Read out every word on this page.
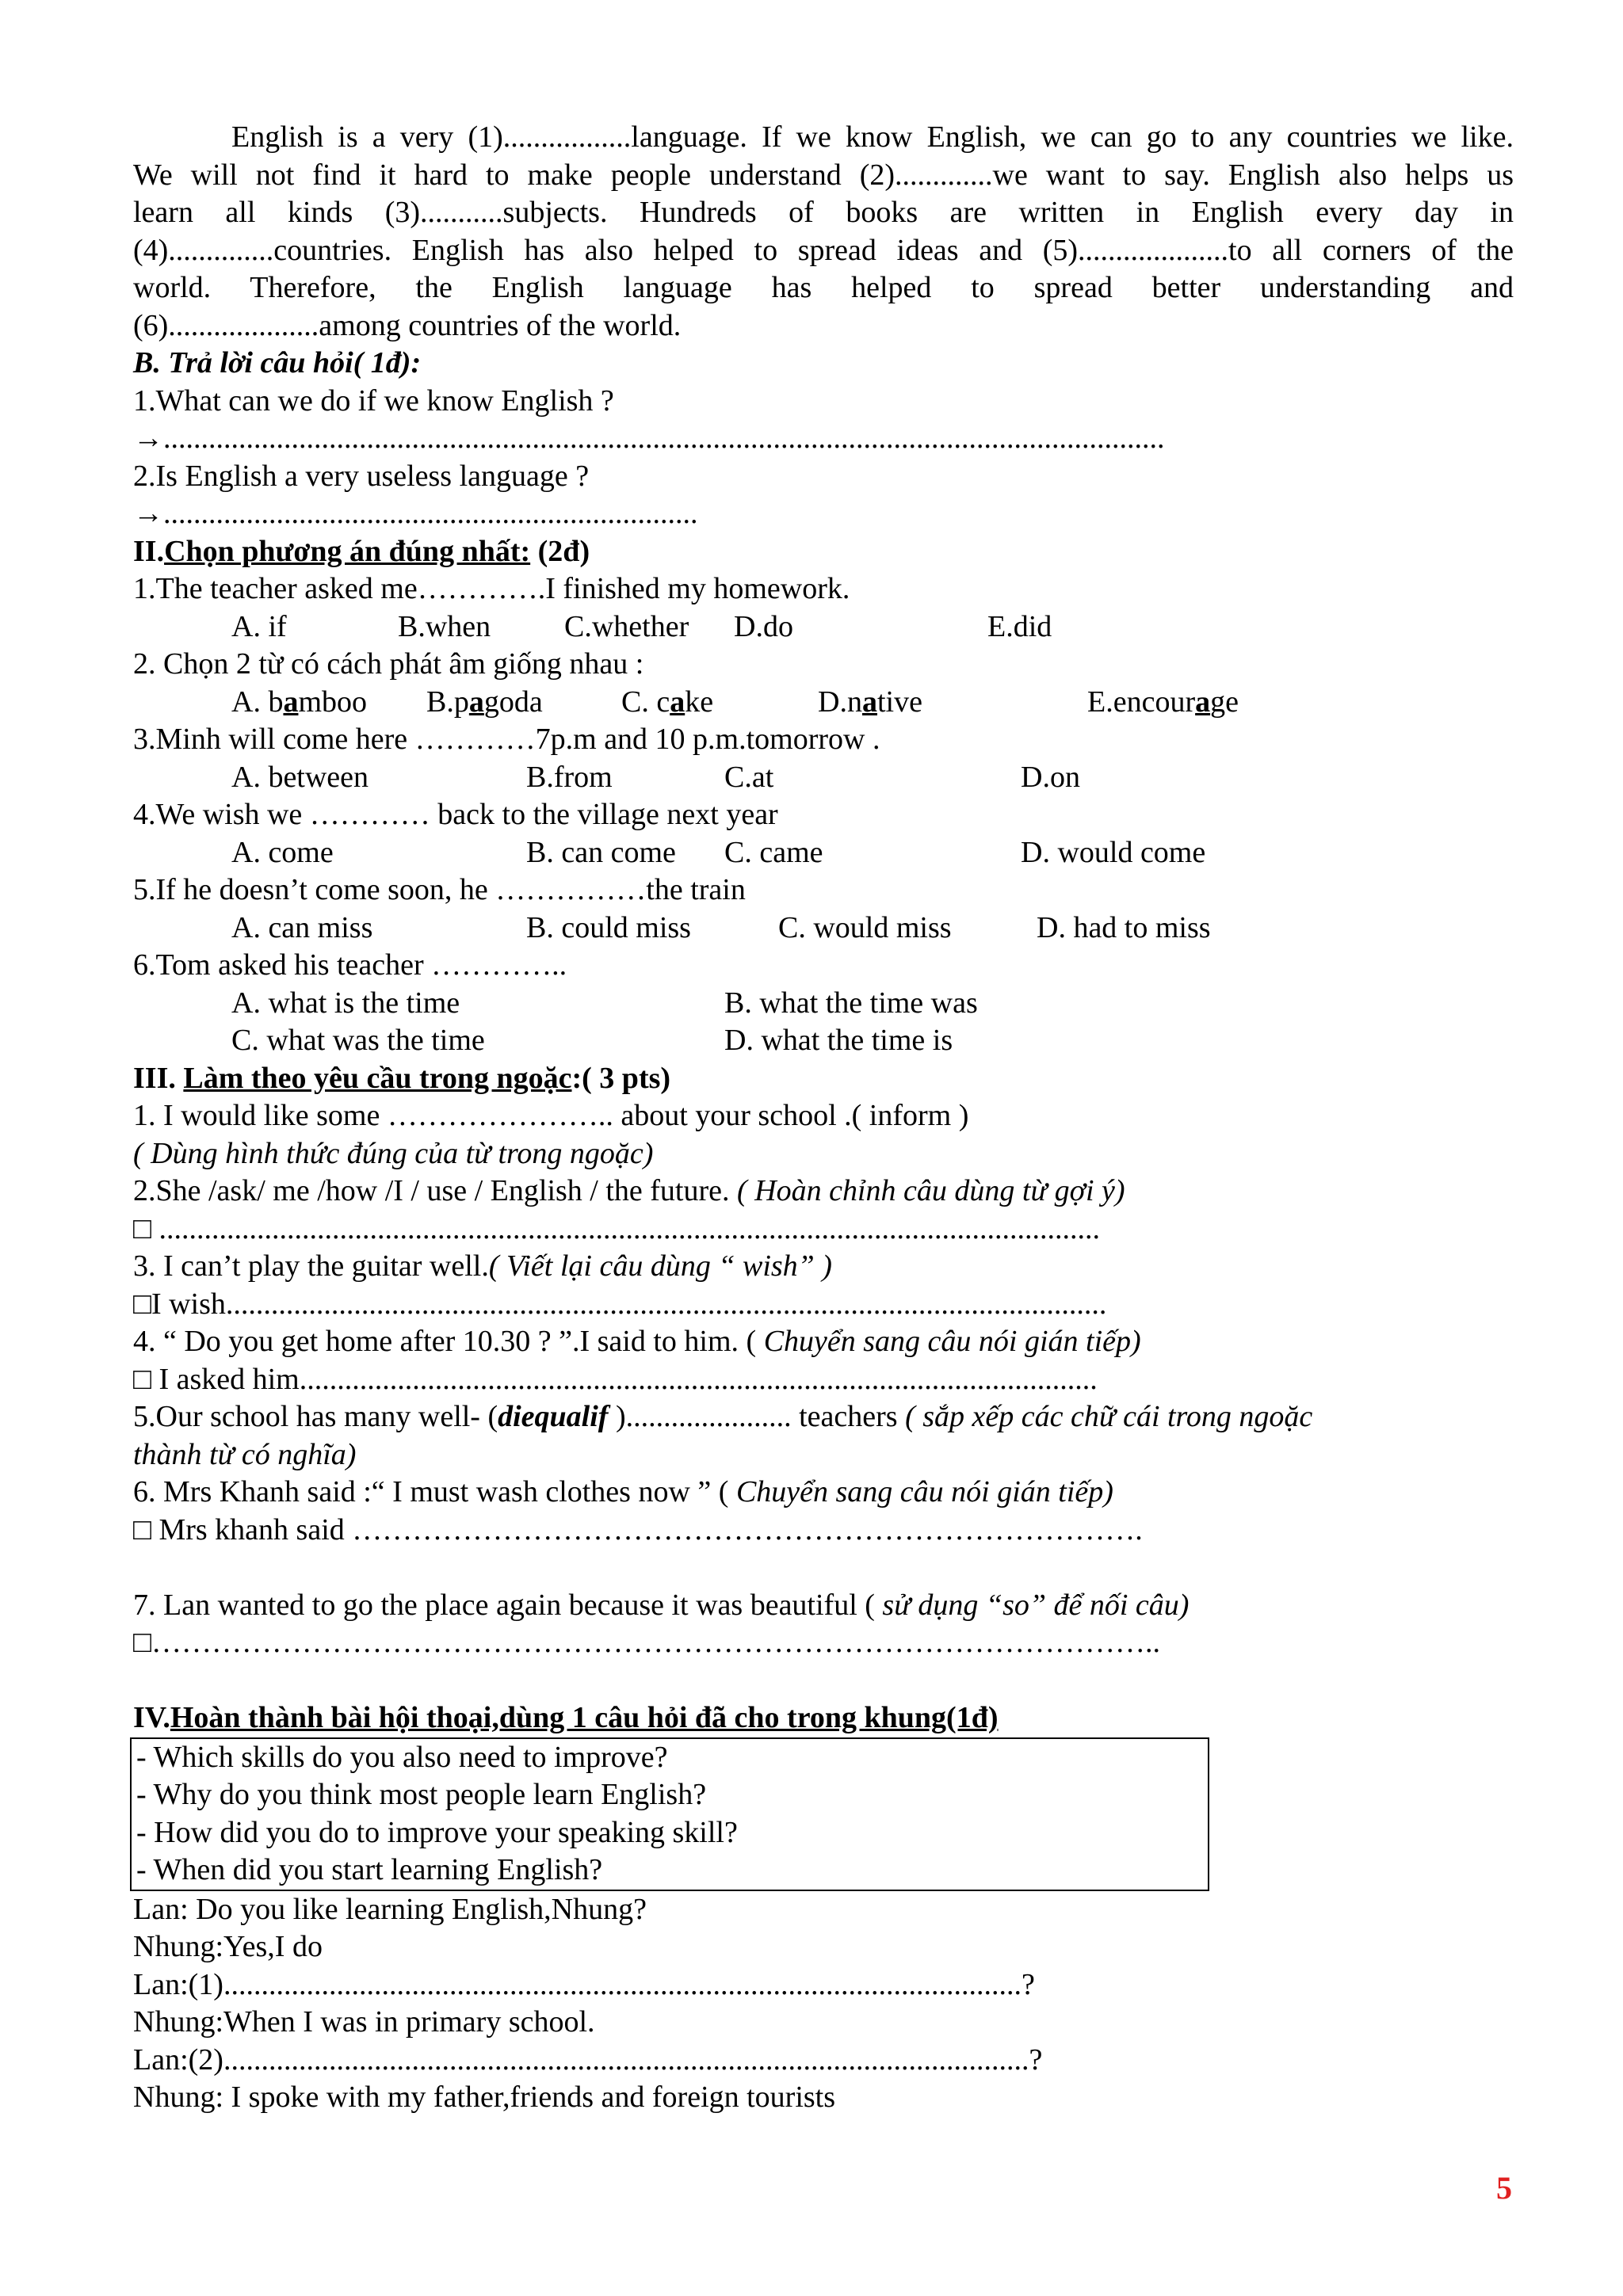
English is a very (1).................language. If we know English, we can go to any countries we like.
We will not find it hard to make people understand (2).............we want to say. English also helps us
learn all kinds (3)...........subjects. Hundreds of books are written in English every day in
(4)..............countries. English has also helped to spread ideas and (5)....................to all corners of the
world. Therefore, the English language has helped to spread better understanding and
(6)....................among countries of the world.
B. Trả lời câu hỏi( 1đ):
1.What can we do if we know English ?
→.....................................................................................................................................
2.Is English a very useless language ?
→.......................................................................
II.Chọn phương án đúng nhất: (2đ)
1.The teacher asked me………….I finished my homework.
A. if	B.when C.whether D.do	E.did
2. Chọn 2 từ có cách phát âm giống nhau :
A. bamboo B.pagoda	C. cake	D.native	E.encourage
3.Minh will come here …………7p.m and 10 p.m.tomorrow .
A. between	B.from	C.at	D.on
4.We wish we ………… back to the village next year
A. come	B. can come C. came	D. would come
5.If he doesn’t come soon, he ……………the train
A. can miss	B. could miss	C. would miss	D. had to miss
6.Tom asked his teacher …………..
A. what is the time	B. what the time was
C. what was the time	D. what the time is
III. Làm theo yêu cầu trong ngoặc:( 3 pts)
1. I would like some ………………….. about your school .( inform )
( Dùng hình thức đúng của từ trong ngoặc)
2.She /ask/ me /how /I / use / English / the future. ( Hoàn chỉnh câu dùng từ gợi ý)
□ .............................................................................................................................
3. I can’t play the guitar well.( Viết lại câu dùng “ wish” )
□I wish.....................................................................................................................
4. “ Do you get home after 10.30 ? ”.I said to him. ( Chuyển sang câu nói gián tiếp)
□ I asked him..........................................................................................................
5.Our school has many well- (diequalif )...................... teachers ( sắp xếp các chữ cái trong ngoặc
thành từ có nghĩa)
6. Mrs Khanh said :“ I must wash clothes now ” ( Chuyển sang câu nói gián tiếp)
□ Mrs khanh said …………………………………………………………………….
7. Lan wanted to go the place again because it was beautiful ( sử dụng “so” để nối câu)
□………………………………………………………………………………………..
IV.Hoàn thành bài hội thoại,dùng 1 câu hỏi đã cho trong khung(1đ)
- Which skills do you also need to improve?
- Why do you think most people learn English?
- How did you do to improve your speaking skill?
- When did you start learning English?
Lan: Do you like learning English,Nhung?
Nhung:Yes,I do
Lan:(1)..........................................................................................................?
Nhung:When I was in primary school.
Lan:(2)...........................................................................................................?
Nhung: I spoke with my father,friends and foreign tourists
5
